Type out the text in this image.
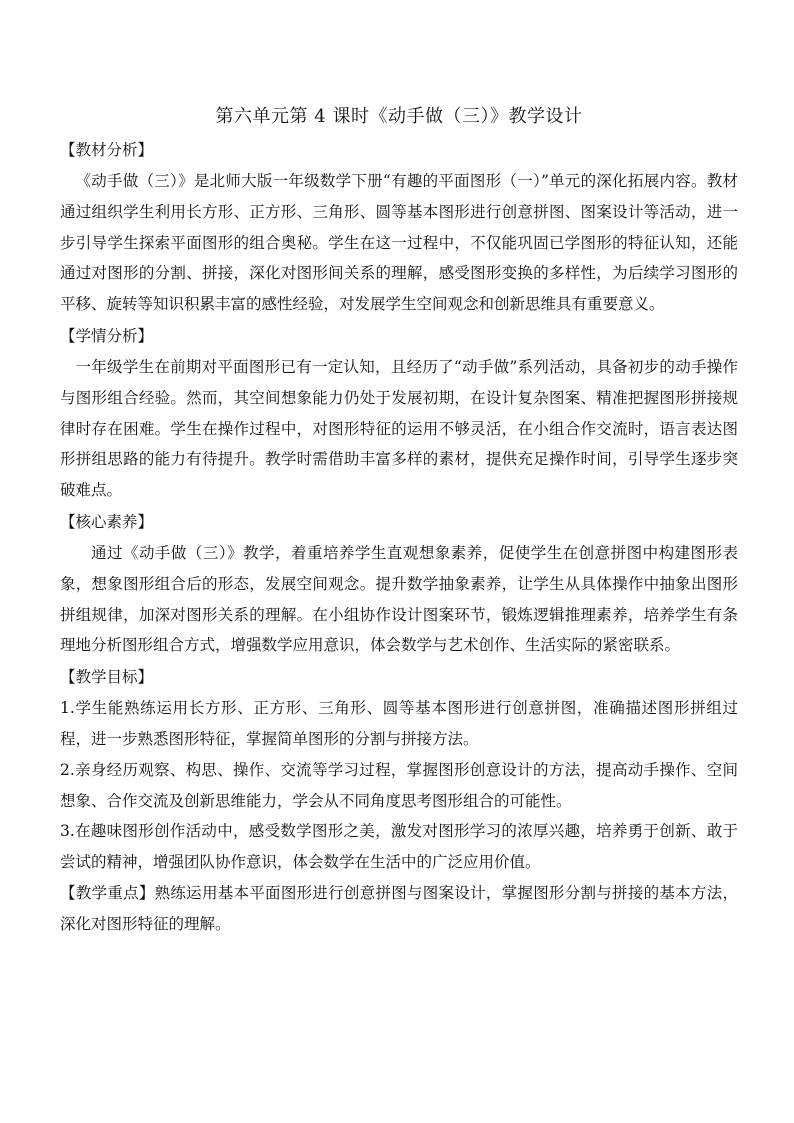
第六单元第 4 课时《动手做（三）》教学设计
【教材分析】

《动手做（三）》是北师大版一年级数学下册“有趣的平面图形（一）”单元的深化拓展内容。教材通过组织学生利用长方形、正方形、三角形、圆等基本图形进行创意拼图、图案设计等活动，进一步引导学生探索平面图形的组合奥秘。学生在这一过程中，不仅能巩固已学图形的特征认知，还能通过对图形的分割、拼接，深化对图形间关系的理解，感受图形变换的多样性，为后续学习图形的平移、旋转等知识积累丰富的感性经验，对发展学生空间观念和创新思维具有重要意义。

【学情分析】

一年级学生在前期对平面图形已有一定认知，且经历了“动手做”系列活动，具备初步的动手操作与图形组合经验。然而，其空间想象能力仍处于发展初期，在设计复杂图案、精准把握图形拼接规律时存在困难。学生在操作过程中，对图形特征的运用不够灵活，在小组合作交流时，语言表达图形拼组思路的能力有待提升。教学时需借助丰富多样的素材，提供充足操作时间，引导学生逐步突破难点。

【核心素养】

通过《动手做（三）》教学，着重培养学生直观想象素养，促使学生在创意拼图中构建图形表象，想象图形组合后的形态，发展空间观念。提升数学抽象素养，让学生从具体操作中抽象出图形拼组规律，加深对图形关系的理解。在小组协作设计图案环节，锻炼逻辑推理素养，培养学生有条理地分析图形组合方式，增强数学应用意识，体会数学与艺术创作、生活实际的紧密联系。

【教学目标】

1.学生能熟练运用长方形、正方形、三角形、圆等基本图形进行创意拼图，准确描述图形拼组过程，进一步熟悉图形特征，掌握简单图形的分割与拼接方法。

2.亲身经历观察、构思、操作、交流等学习过程，掌握图形创意设计的方法，提高动手操作、空间想象、合作交流及创新思维能力，学会从不同角度思考图形组合的可能性。

3.在趣味图形创作活动中，感受数学图形之美，激发对图形学习的浓厚兴趣，培养勇于创新、敢于尝试的精神，增强团队协作意识，体会数学在生活中的广泛应用价值。

【教学重点】熟练运用基本平面图形进行创意拼图与图案设计，掌握图形分割与拼接的基本方法，深化对图形特征的理解。
